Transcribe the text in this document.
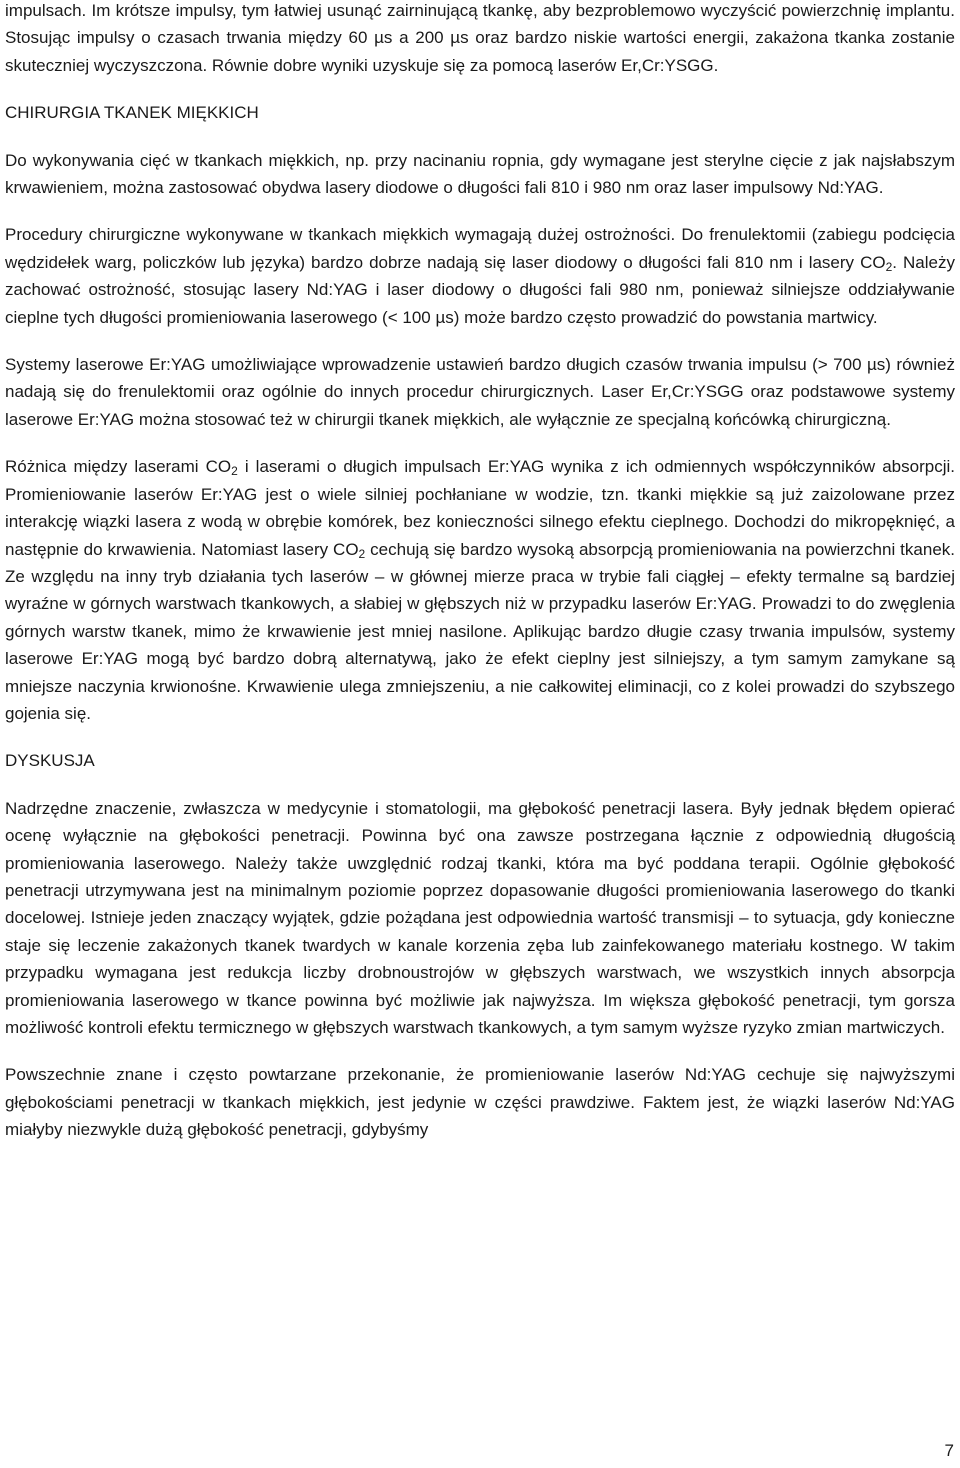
impulsach. Im krótsze impulsy, tym łatwiej usunąć zairninującą tkankę, aby bezproblemowo wyczyścić powierzchnię implantu. Stosując impulsy o czasach trwania między 60 µs a 200 µs oraz bardzo niskie wartości energii, zakażona tkanka zostanie skuteczniej wyczyszczona. Równie dobre wyniki uzyskuje się za pomocą laserów Er,Cr:YSGG.

CHIRURGIA TKANEK MIĘKKICH

Do wykonywania cięć w tkankach miękkich, np. przy nacinaniu ropnia, gdy wymagane jest sterylne cięcie z jak najsłabszym krwawieniem, można zastosować obydwa lasery diodowe o długości fali 810 i 980 nm oraz laser impulsowy Nd:YAG.

Procedury chirurgiczne wykonywane w tkankach miękkich wymagają dużej ostrożności. Do frenulektomii (zabiegu podcięcia wędzidełek warg, policzków lub języka) bardzo dobrze nadają się laser diodowy o długości fali 810 nm i lasery $CO_2$. Należy zachować ostrożność, stosując lasery Nd:YAG i laser diodowy o długości fali 980 nm, ponieważ silniejsze oddziaływanie cieplne tych długości promieniowania laserowego (< 100 µs) może bardzo często prowadzić do powstania martwicy.

Systemy laserowe Er:YAG umożliwiające wprowadzenie ustawień bardzo długich czasów trwania impulsu (> 700 µs) również nadają się do frenulektomii oraz ogólnie do innych procedur chirurgicznych. Laser Er,Cr:YSGG oraz podstawowe systemy laserowe Er:YAG można stosować też w chirurgii tkanek miękkich, ale wyłącznie ze specjalną końcówką chirurgiczną.

Różnica między laserami $CO_2$ i laserami o długich impulsach Er:YAG wynika z ich odmiennych współczynników absorpcji. Promieniowanie laserów Er:YAG jest o wiele silniej pochłaniane w wodzie, tzn. tkanki miękkie są już zaizolowane przez interakcję wiązki lasera z wodą w obrębie komórek, bez konieczności silnego efektu cieplnego. Dochodzi do mikropęknięć, a następnie do krwawienia. Natomiast lasery $CO_2$ cechują się bardzo wysoką absorpcją promieniowania na powierzchni tkanek. Ze względu na inny tryb działania tych laserów – w głównej mierze praca w trybie fali ciągłej – efekty termalne są bardziej wyraźne w górnych warstwach tkankowych, a słabiej w głębszych niż w przypadku laserów Er:YAG. Prowadzi to do zwęglenia górnych warstw tkanek, mimo że krwawienie jest mniej nasilone. Aplikując bardzo długie czasy trwania impulsów, systemy laserowe Er:YAG mogą być bardzo dobrą alternatywą, jako że efekt cieplny jest silniejszy, a tym samym zamykane są mniejsze naczynia krwionośne. Krwawienie ulega zmniejszeniu, a nie całkowitej eliminacji, co z kolei prowadzi do szybszego gojenia się.

DYSKUSJA

Nadrzędne znaczenie, zwłaszcza w medycynie i stomatologii, ma głębokość penetracji lasera. Były jednak błędem opierać ocenę wyłącznie na głębokości penetracji. Powinna być ona zawsze postrzegana łącznie z odpowiednią długością promieniowania laserowego. Należy także uwzględnić rodzaj tkanki, która ma być poddana terapii. Ogólnie głębokość penetracji utrzymywana jest na minimalnym poziomie poprzez dopasowanie długości promieniowania laserowego do tkanki docelowej. Istnieje jeden znaczący wyjątek, gdzie pożądana jest odpowiednia wartość transmisji – to sytuacja, gdy konieczne staje się leczenie zakażonych tkanek twardych w kanale korzenia zęba lub zainfekowanego materiału kostnego. W takim przypadku wymagana jest redukcja liczby drobnoustrojów w głębszych warstwach, we wszystkich innych absorpcja promieniowania laserowego w tkance powinna być możliwie jak najwyższa. Im większa głębokość penetracji, tym gorsza możliwość kontroli efektu termicznego w głębszych warstwach tkankowych, a tym samym wyższe ryzyko zmian martwiczych.

Powszechnie znane i często powtarzane przekonanie, że promieniowanie laserów Nd:YAG cechuje się najwyższymi głębokościami penetracji w tkankach miękkich, jest jedynie w części prawdziwe. Faktem jest, że wiązki laserów Nd:YAG miałyby niezwykle dużą głębokość penetracji, gdybyśmy

7
